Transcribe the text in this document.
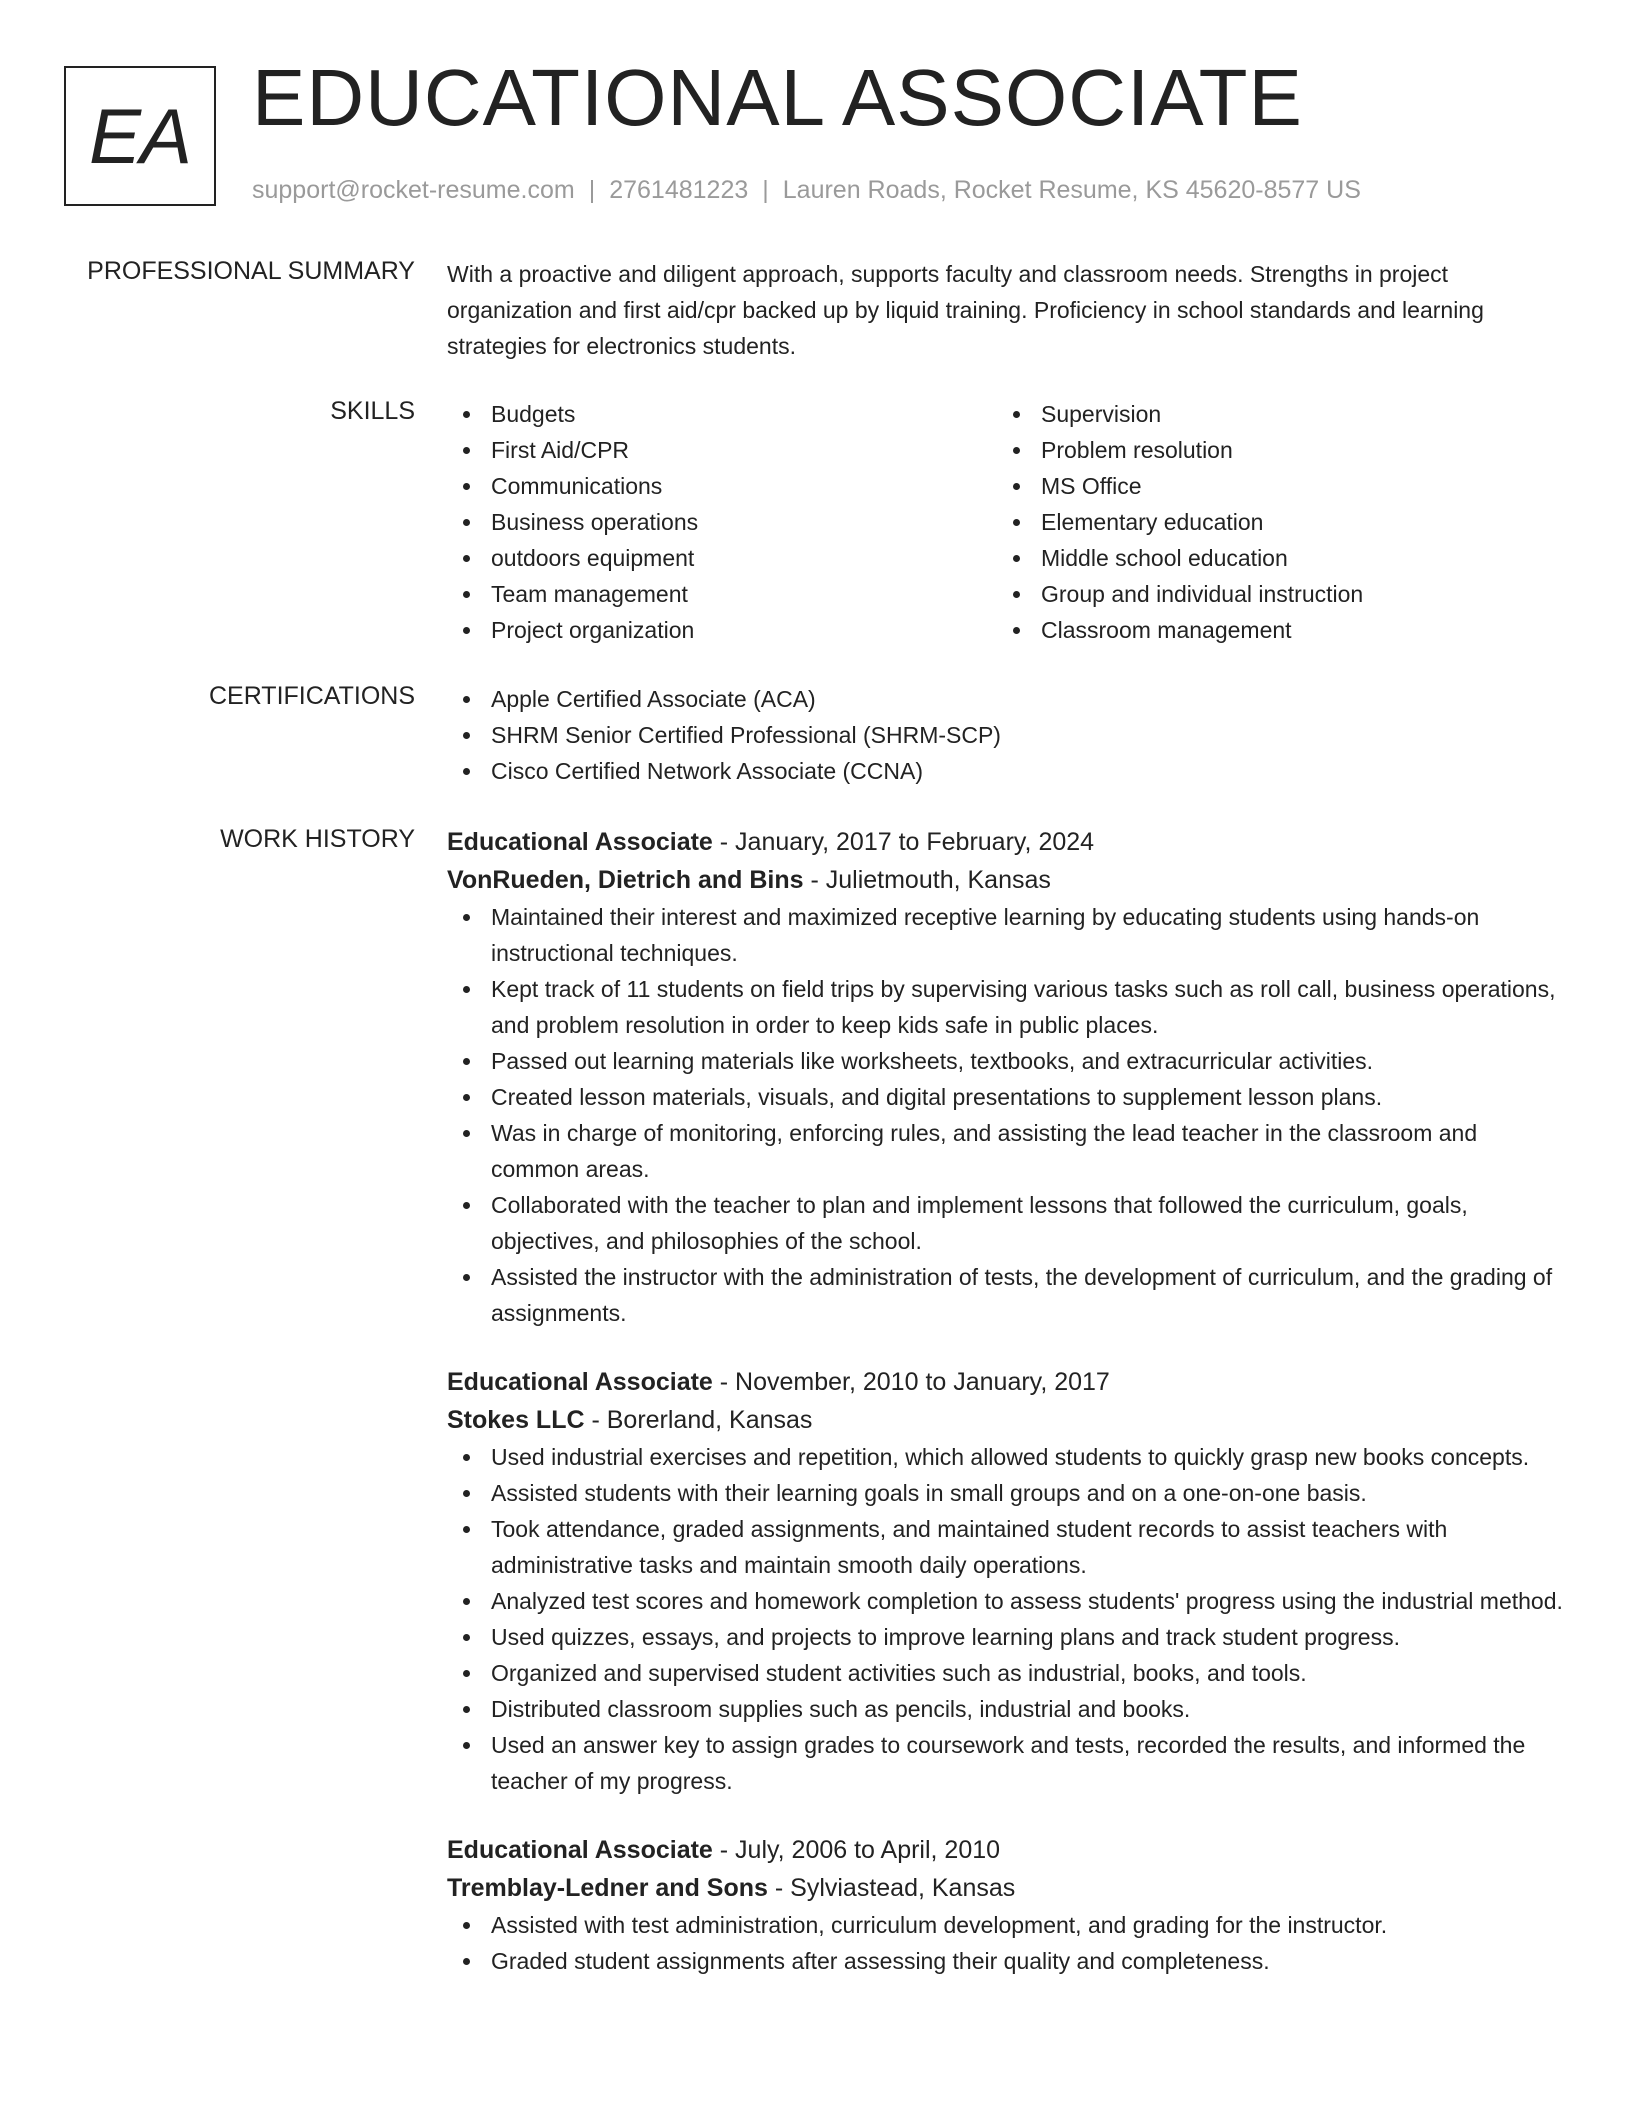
EA EDUCATIONAL ASSOCIATE
support@rocket-resume.com | 2761481223 | Lauren Roads, Rocket Resume, KS 45620-8577 US
PROFESSIONAL SUMMARY With a proactive and diligent approach, supports faculty and classroom needs. Strengths in project organization and first aid/cpr backed up by liquid training. Proficiency in school standards and learning strategies for electronics students.
SKILLS	Budgets
First Aid/CPR
Communications
Business operations
outdoors equipment
Team management
Project organization
Supervision
Problem resolution
MS Office
Elementary education
Middle school education
Group and individual instruction
Classroom management
CERTIFICATIONS	Apple Certified Associate (ACA)
SHRM Senior Certified Professional (SHRM-SCP)
Cisco Certified Network Associate (CCNA)
WORK HISTORY Educational Associate - January, 2017 to February, 2024
VonRueden, Dietrich and Bins - Julietmouth, Kansas
Maintained their interest and maximized receptive learning by educating students using hands-on instructional techniques.
Kept track of 11 students on field trips by supervising various tasks such as roll call, business operations, and problem resolution in order to keep kids safe in public places.
Passed out learning materials like worksheets, textbooks, and extracurricular activities.
Created lesson materials, visuals, and digital presentations to supplement lesson plans.
Was in charge of monitoring, enforcing rules, and assisting the lead teacher in the classroom and common areas.
Collaborated with the teacher to plan and implement lessons that followed the curriculum, goals, objectives, and philosophies of the school.
Assisted the instructor with the administration of tests, the development of curriculum, and the grading of assignments.
Educational Associate - November, 2010 to January, 2017
Stokes LLC - Borerland, Kansas
Used industrial exercises and repetition, which allowed students to quickly grasp new books concepts.
Assisted students with their learning goals in small groups and on a one-on-one basis.
Took attendance, graded assignments, and maintained student records to assist teachers with administrative tasks and maintain smooth daily operations.
Analyzed test scores and homework completion to assess students' progress using the industrial method.
Used quizzes, essays, and projects to improve learning plans and track student progress.
Organized and supervised student activities such as industrial, books, and tools.
Distributed classroom supplies such as pencils, industrial and books.
Used an answer key to assign grades to coursework and tests, recorded the results, and informed the teacher of my progress.
Educational Associate - July, 2006 to April, 2010
Tremblay-Ledner and Sons - Sylviastead, Kansas
Assisted with test administration, curriculum development, and grading for the instructor.
Graded student assignments after assessing their quality and completeness.
